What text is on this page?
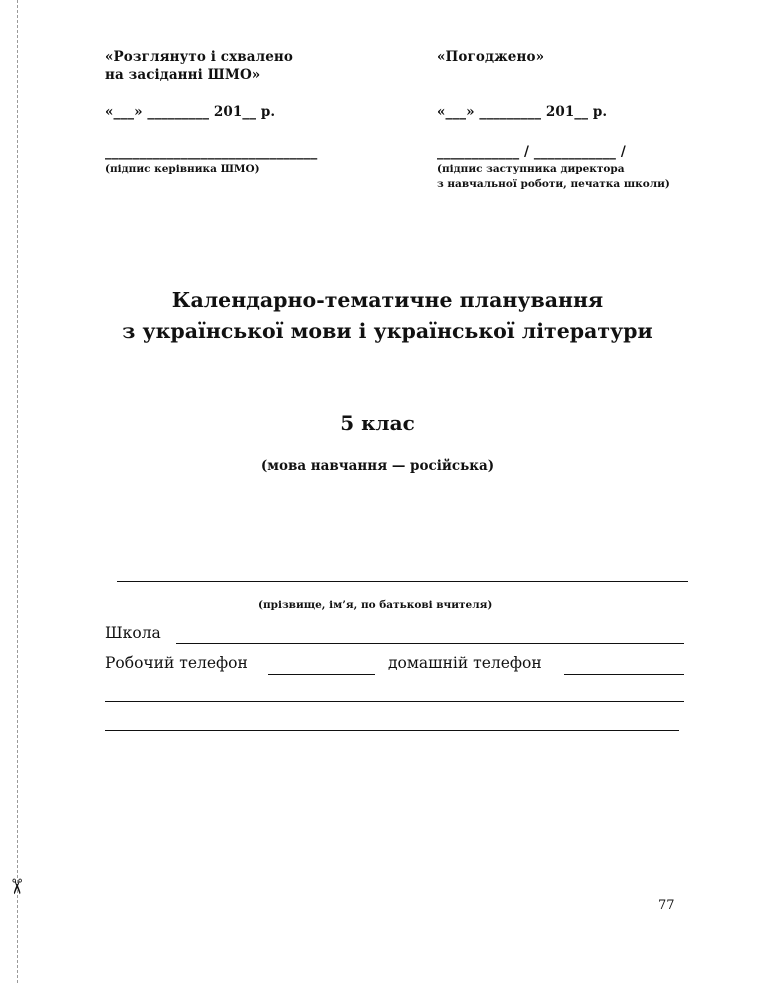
✂
«Розглянуто і схвалено
на засіданні ШМО»
«___» _________ 201__ р.
_______________________________
(підпис керівника ШМО)
«Погоджено»
«___» _________ 201__ р.
____________ / ____________ /
(підпис заступника директора
з навчальної роботи, печатка школи)
Календарно-тематичне планування
з української мови і української літератури
5 клас
(мова навчання — російська)
(прізвище, ім’я, по батькові вчителя)
Школа
Робочий телефон	домашній телефон
77
